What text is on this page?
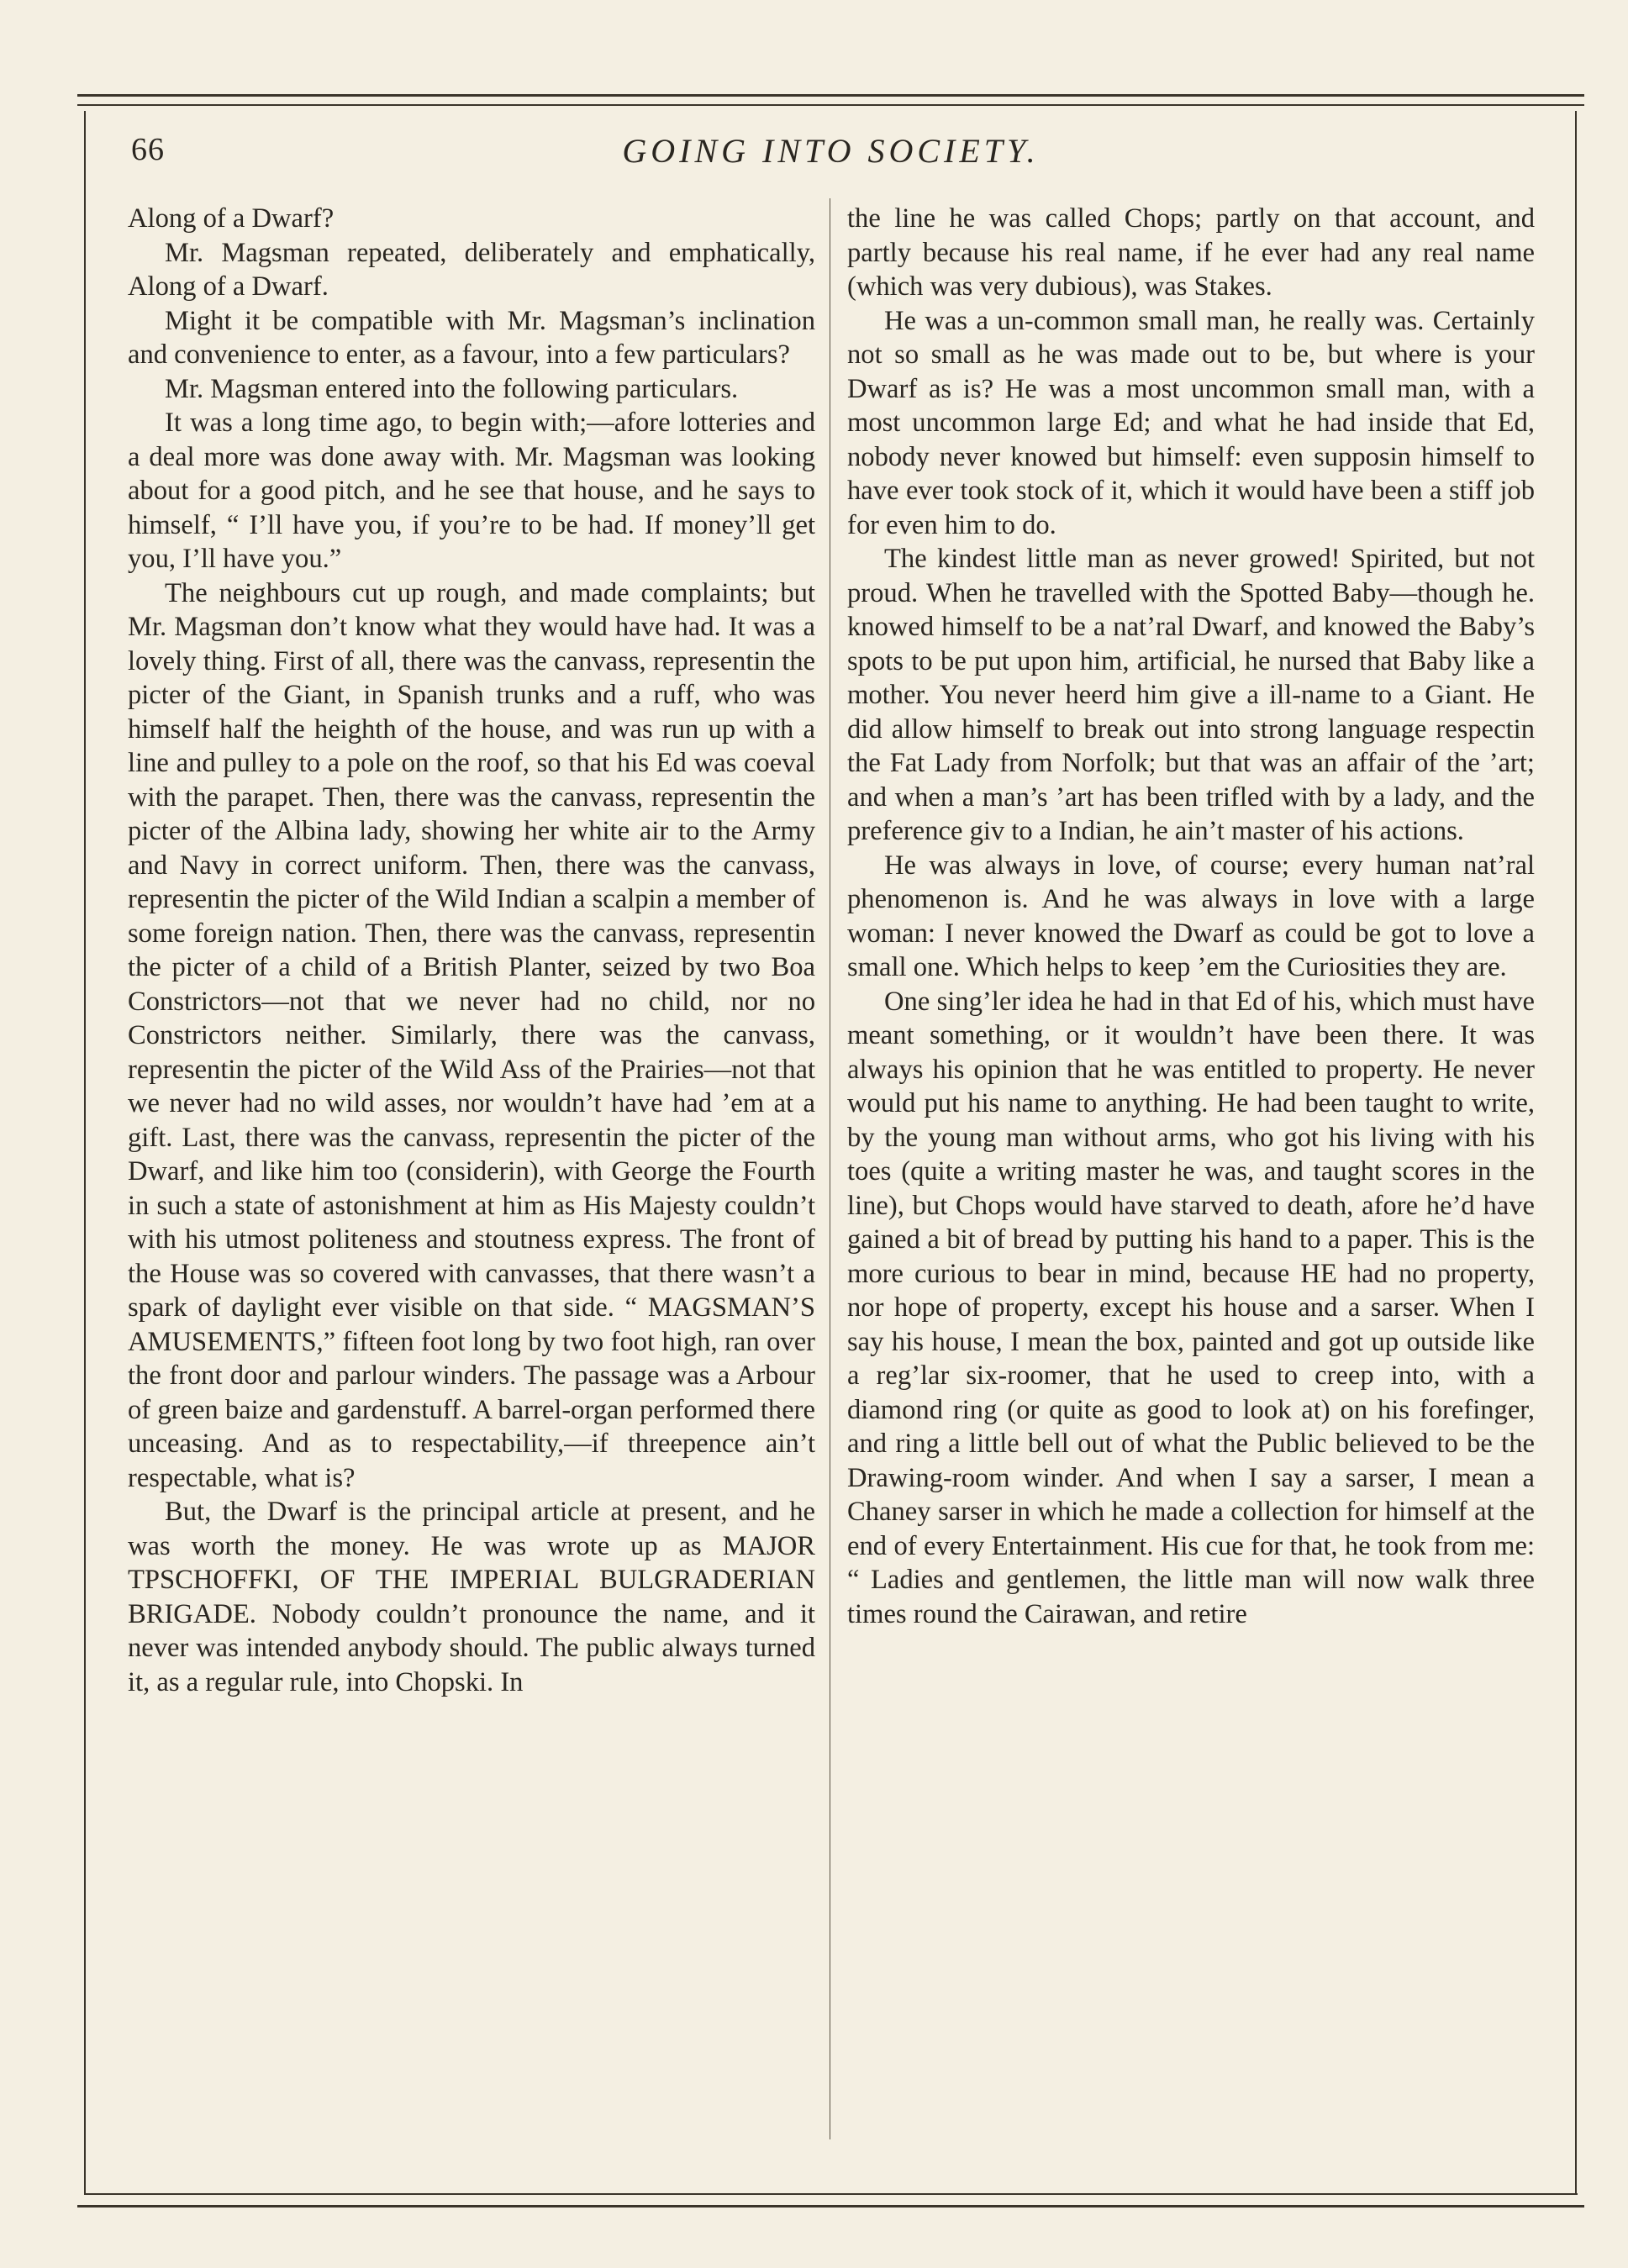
66	GOING INTO SOCIETY.

Along of a Dwarf?

Mr. Magsman repeated, deliberately and emphatically, Along of a Dwarf.

Might it be compatible with Mr. Magsman’s inclination and convenience to enter, as a favour, into a few particulars?

Mr. Magsman entered into the following particulars.

It was a long time ago, to begin with;—afore lotteries and a deal more was done away with. Mr. Magsman was looking about for a good pitch, and he see that house, and he says to himself, “ I’ll have you, if you’re to be had. If money’ll get you, I’ll have you.”

The neighbours cut up rough, and made complaints; but Mr. Magsman don’t know what they would have had. It was a lovely thing. First of all, there was the canvass, representin the picter of the Giant, in Spanish trunks and a ruff, who was himself half the heighth of the house, and was run up with a line and pulley to a pole on the roof, so that his Ed was coeval with the parapet. Then, there was the canvass, representin the picter of the Albina lady, showing her white air to the Army and Navy in correct uniform. Then, there was the canvass, representin the picter of the Wild Indian a scalpin a member of some foreign nation. Then, there was the canvass, representin the picter of a child of a British Planter, seized by two Boa Constrictors—not that we never had no child, nor no Constrictors neither. Similarly, there was the canvass, representin the picter of the Wild Ass of the Prairies—not that we never had no wild asses, nor wouldn’t have had ’em at a gift. Last, there was the canvass, representin the picter of the Dwarf, and like him too (considerin), with George the Fourth in such a state of astonishment at him as His Majesty couldn’t with his utmost politeness and stoutness express. The front of the House was so covered with canvasses, that there wasn’t a spark of daylight ever visible on that side. “ MAGSMAN’S AMUSEMENTS,” fifteen foot long by two foot high, ran over the front door and parlour winders. The passage was a Arbour of green baize and gardenstuff. A barrel-organ performed there unceasing. And as to respectability,—if threepence ain’t respectable, what is?

But, the Dwarf is the principal article at present, and he was worth the money. He was wrote up as MAJOR TPSCHOFFKI, OF THE IMPERIAL BULGRADERIAN BRIGADE. Nobody couldn’t pronounce the name, and it never was intended anybody should. The public always turned it, as a regular rule, into Chopski. In

the line he was called Chops; partly on that account, and partly because his real name, if he ever had any real name (which was very dubious), was Stakes.

He was a un-common small man, he really was. Certainly not so small as he was made out to be, but where is your Dwarf as is? He was a most uncommon small man, with a most uncommon large Ed; and what he had inside that Ed, nobody never knowed but himself: even supposin himself to have ever took stock of it, which it would have been a stiff job for even him to do.

The kindest little man as never growed! Spirited, but not proud. When he travelled with the Spotted Baby—though he. knowed himself to be a nat’ral Dwarf, and knowed the Baby’s spots to be put upon him, artificial, he nursed that Baby like a mother. You never heerd him give a ill-name to a Giant. He did allow himself to break out into strong language respectin the Fat Lady from Norfolk; but that was an affair of the ’art; and when a man’s ’art has been trifled with by a lady, and the preference giv to a Indian, he ain’t master of his actions.

He was always in love, of course; every human nat’ral phenomenon is. And he was always in love with a large woman: I never knowed the Dwarf as could be got to love a small one. Which helps to keep ’em the Curiosities they are.

One sing’ler idea he had in that Ed of his, which must have meant something, or it wouldn’t have been there. It was always his opinion that he was entitled to property. He never would put his name to anything. He had been taught to write, by the young man without arms, who got his living with his toes (quite a writing master he was, and taught scores in the line), but Chops would have starved to death, afore he’d have gained a bit of bread by putting his hand to a paper. This is the more curious to bear in mind, because HE had no property, nor hope of property, except his house and a sarser. When I say his house, I mean the box, painted and got up outside like a reg’lar six-roomer, that he used to creep into, with a diamond ring (or quite as good to look at) on his forefinger, and ring a little bell out of what the Public believed to be the Drawing-room winder. And when I say a sarser, I mean a Chaney sarser in which he made a collection for himself at the end of every Entertainment. His cue for that, he took from me: “ Ladies and gentlemen, the little man will now walk three times round the Cairawan, and retire
